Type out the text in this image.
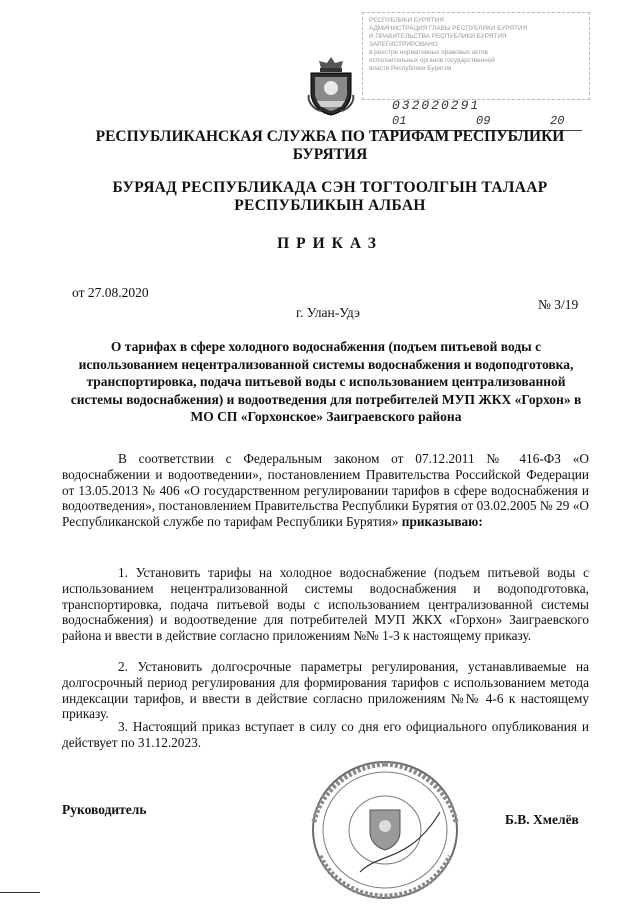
РЕСПУБЛИКИ БУРЯТИЯ
АДМИНИСТРАЦИЯ ГЛАВЫ РЕСПУБЛИКИ БУРЯТИЯ
И ПРАВИТЕЛЬСТВА РЕСПУБЛИКИ БУРЯТИЯ
ЗАРЕГИСТРИРОВАНО
в реестре нормативных правовых актов
исполнительных органов государственной
власти Республики Бурятия
032020291
01	09	20

РЕСПУБЛИКАНСКАЯ СЛУЖБА ПО ТАРИФАМ РЕСПУБЛИКИ БУРЯТИЯ

БУРЯАД РЕСПУБЛИКАДА СЭН ТОГТООЛГЫН ТАЛААР РЕСПУБЛИКЫН АЛБАН

ПРИКАЗ

от 27.08.2020
№ 3/19
г. Улан-Удэ

О тарифах в сфере холодного водоснабжения (подъем питьевой воды с использованием нецентрализованной системы водоснабжения и водоподготовка, транспортировка, подача питьевой воды с использованием централизованной системы водоснабжения) и водоотведения для потребителей МУП ЖКХ «Горхон» в МО СП «Горхонское» Заиграевского района

В соответствии с Федеральным законом от 07.12.2011 № 416-ФЗ «О водоснабжении и водоотведении», постановлением Правительства Российской Федерации от 13.05.2013 № 406 «О государственном регулировании тарифов в сфере водоснабжения и водоотведения», постановлением Правительства Республики Бурятия от 03.02.2005 № 29 «О Республиканской службе по тарифам Республики Бурятия» приказываю:

1. Установить тарифы на холодное водоснабжение (подъем питьевой воды с использованием нецентрализованной системы водоснабжения и водоподготовка, транспортировка, подача питьевой воды с использованием централизованной системы водоснабжения) и водоотведение для потребителей МУП ЖКХ «Горхон» Заиграевского района и ввести в действие согласно приложениям №№ 1-3 к настоящему приказу.

2. Установить долгосрочные параметры регулирования, устанавливаемые на долгосрочный период регулирования для формирования тарифов с использованием метода индексации тарифов, и ввести в действие согласно приложениям №№ 4-6 к настоящему приказу.

3. Настоящий приказ вступает в силу со дня его официального опубликования и действует по 31.12.2023.

Руководитель
Б.В. Хмелёв
